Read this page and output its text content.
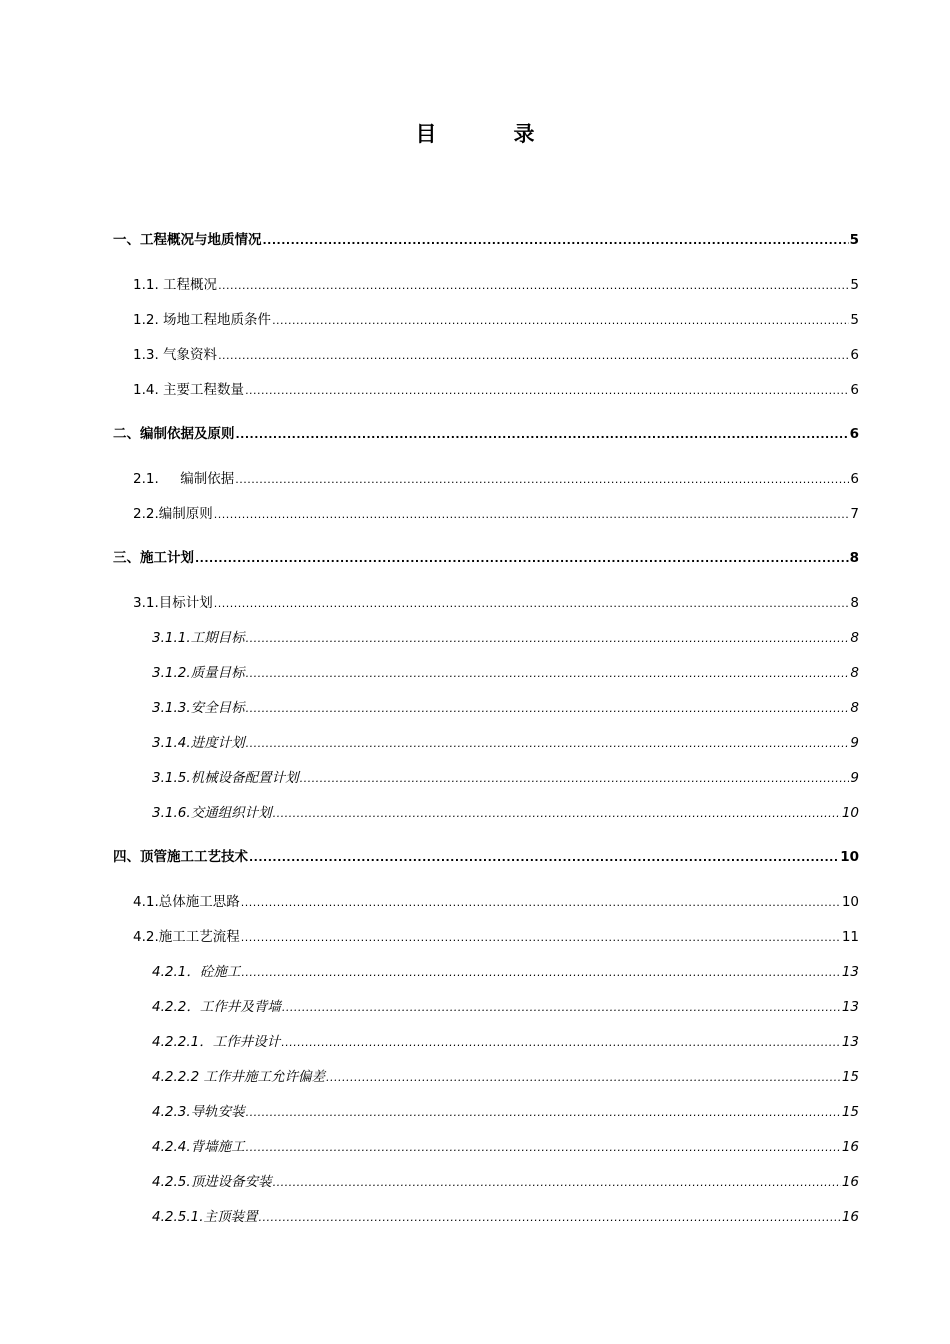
目　录
一、工程概况与地质情况 .....	5
1.1. 工程概况 .....	5
1.2. 场地工程地质条件 .....	5
1.3. 气象资料 .....	6
1.4. 主要工程数量 .....	6
二、编制依据及原则 .....	6
2.1.     编制依据 .....	6
2.2.编制原则 .....	7
三、施工计划 .....	8
3.1.目标计划 .....	8
3.1.1.工期目标 .....	8
3.1.2.质量目标 .....	8
3.1.3.安全目标 .....	8
3.1.4.进度计划 .....	9
3.1.5.机械设备配置计划 .....	9
3.1.6.交通组织计划 .....	10
四、顶管施工工艺技术 .....	10
4.1.总体施工思路 .....	10
4.2.施工工艺流程 .....	11
4.2.1．砼施工 .....	13
4.2.2．工作井及背墙 .....	13
4.2.2.1．工作井设计 .....	13
4.2.2.2 工作井施工允许偏差 .....	15
4.2.3.导轨安装 .....	15
4.2.4.背墙施工 .....	16
4.2.5.顶进设备安装 .....	16
4.2.5.1.主顶装置 .....	16
